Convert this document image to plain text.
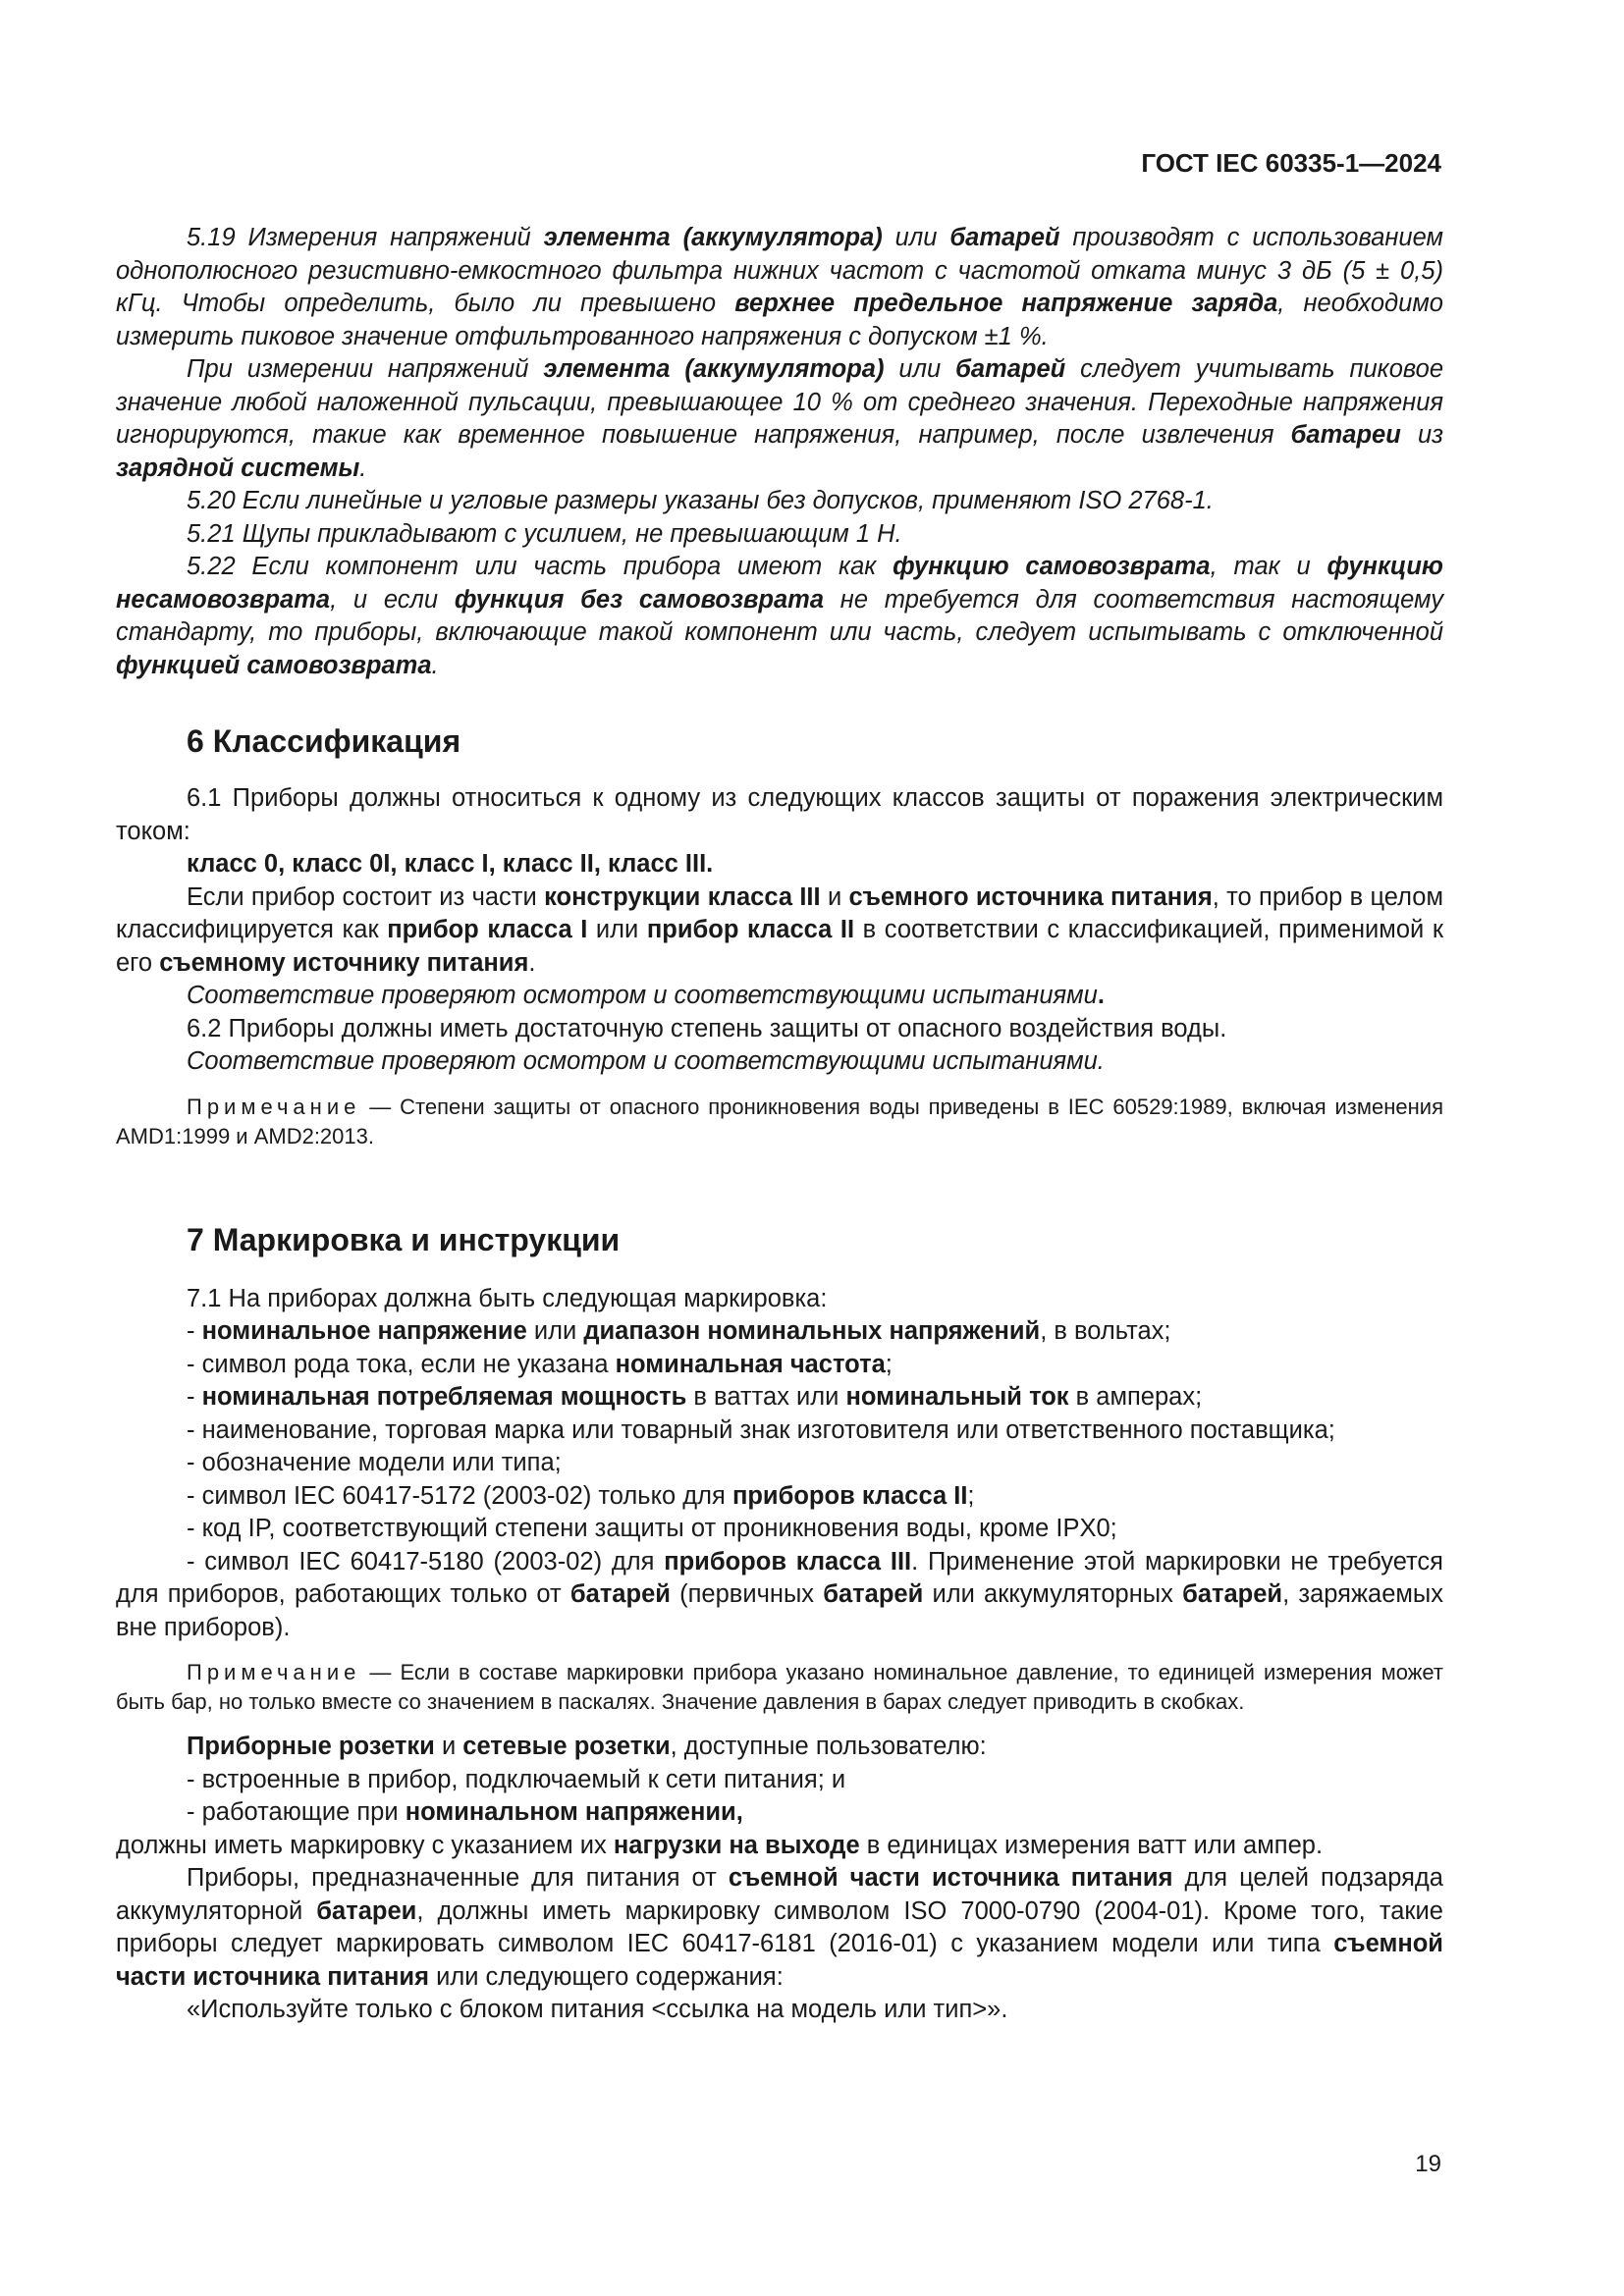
ГОСТ IEC 60335-1—2024

5.19 Измерения напряжений элемента (аккумулятора) или батарей производят с использованием однополюсного резистивно-емкостного фильтра нижних частот с частотой отката минус 3 дБ (5 ± 0,5) кГц. Чтобы определить, было ли превышено верхнее предельное напряжение заряда, необходимо измерить пиковое значение отфильтрованного напряжения с допуском ±1 %.

При измерении напряжений элемента (аккумулятора) или батарей следует учитывать пиковое значение любой наложенной пульсации, превышающее 10 % от среднего значения. Переходные напряжения игнорируются, такие как временное повышение напряжения, например, после извлечения батареи из зарядной системы.

5.20 Если линейные и угловые размеры указаны без допусков, применяют ISO 2768-1.

5.21 Щупы прикладывают с усилием, не превышающим 1 Н.

5.22 Если компонент или часть прибора имеют как функцию самовозврата, так и функцию несамовозврата, и если функция без самовозврата не требуется для соответствия настоящему стандарту, то приборы, включающие такой компонент или часть, следует испытывать с отключенной функцией самовозврата.

6 Классификация

6.1 Приборы должны относиться к одному из следующих классов защиты от поражения электрическим током:

класс 0, класс 0I, класс I, класс II, класс III.

Если прибор состоит из части конструкции класса III и съемного источника питания, то прибор в целом классифицируется как прибор класса I или прибор класса II в соответствии с классификацией, применимой к его съемному источнику питания.

Соответствие проверяют осмотром и соответствующими испытаниями.

6.2 Приборы должны иметь достаточную степень защиты от опасного воздействия воды.

Соответствие проверяют осмотром и соответствующими испытаниями.

Примечание — Степени защиты от опасного проникновения воды приведены в IEC 60529:1989, включая изменения AMD1:1999 и AMD2:2013.

7 Маркировка и инструкции

7.1 На приборах должна быть следующая маркировка:

- номинальное напряжение или диапазон номинальных напряжений, в вольтах;

- символ рода тока, если не указана номинальная частота;

- номинальная потребляемая мощность в ваттах или номинальный ток в амперах;

- наименование, торговая марка или товарный знак изготовителя или ответственного поставщика;

- обозначение модели или типа;

- символ IEC 60417-5172 (2003-02) только для приборов класса II;

- код IP, соответствующий степени защиты от проникновения воды, кроме IPX0;

- символ IEC 60417-5180 (2003-02) для приборов класса III. Применение этой маркировки не требуется для приборов, работающих только от батарей (первичных батарей или аккумуляторных батарей, заряжаемых вне приборов).

Примечание — Если в составе маркировки прибора указано номинальное давление, то единицей измерения может быть бар, но только вместе со значением в паскалях. Значение давления в барах следует приводить в скобках.

Приборные розетки и сетевые розетки, доступные пользователю:

- встроенные в прибор, подключаемый к сети питания; и

- работающие при номинальном напряжении,

должны иметь маркировку с указанием их нагрузки на выходе в единицах измерения ватт или ампер.

Приборы, предназначенные для питания от съемной части источника питания для целей подзаряда аккумуляторной батареи, должны иметь маркировку символом ISO 7000-0790 (2004-01). Кроме того, такие приборы следует маркировать символом IEC 60417-6181 (2016-01) с указанием модели или типа съемной части источника питания или следующего содержания:

«Используйте только с блоком питания <ссылка на модель или тип>».

19
